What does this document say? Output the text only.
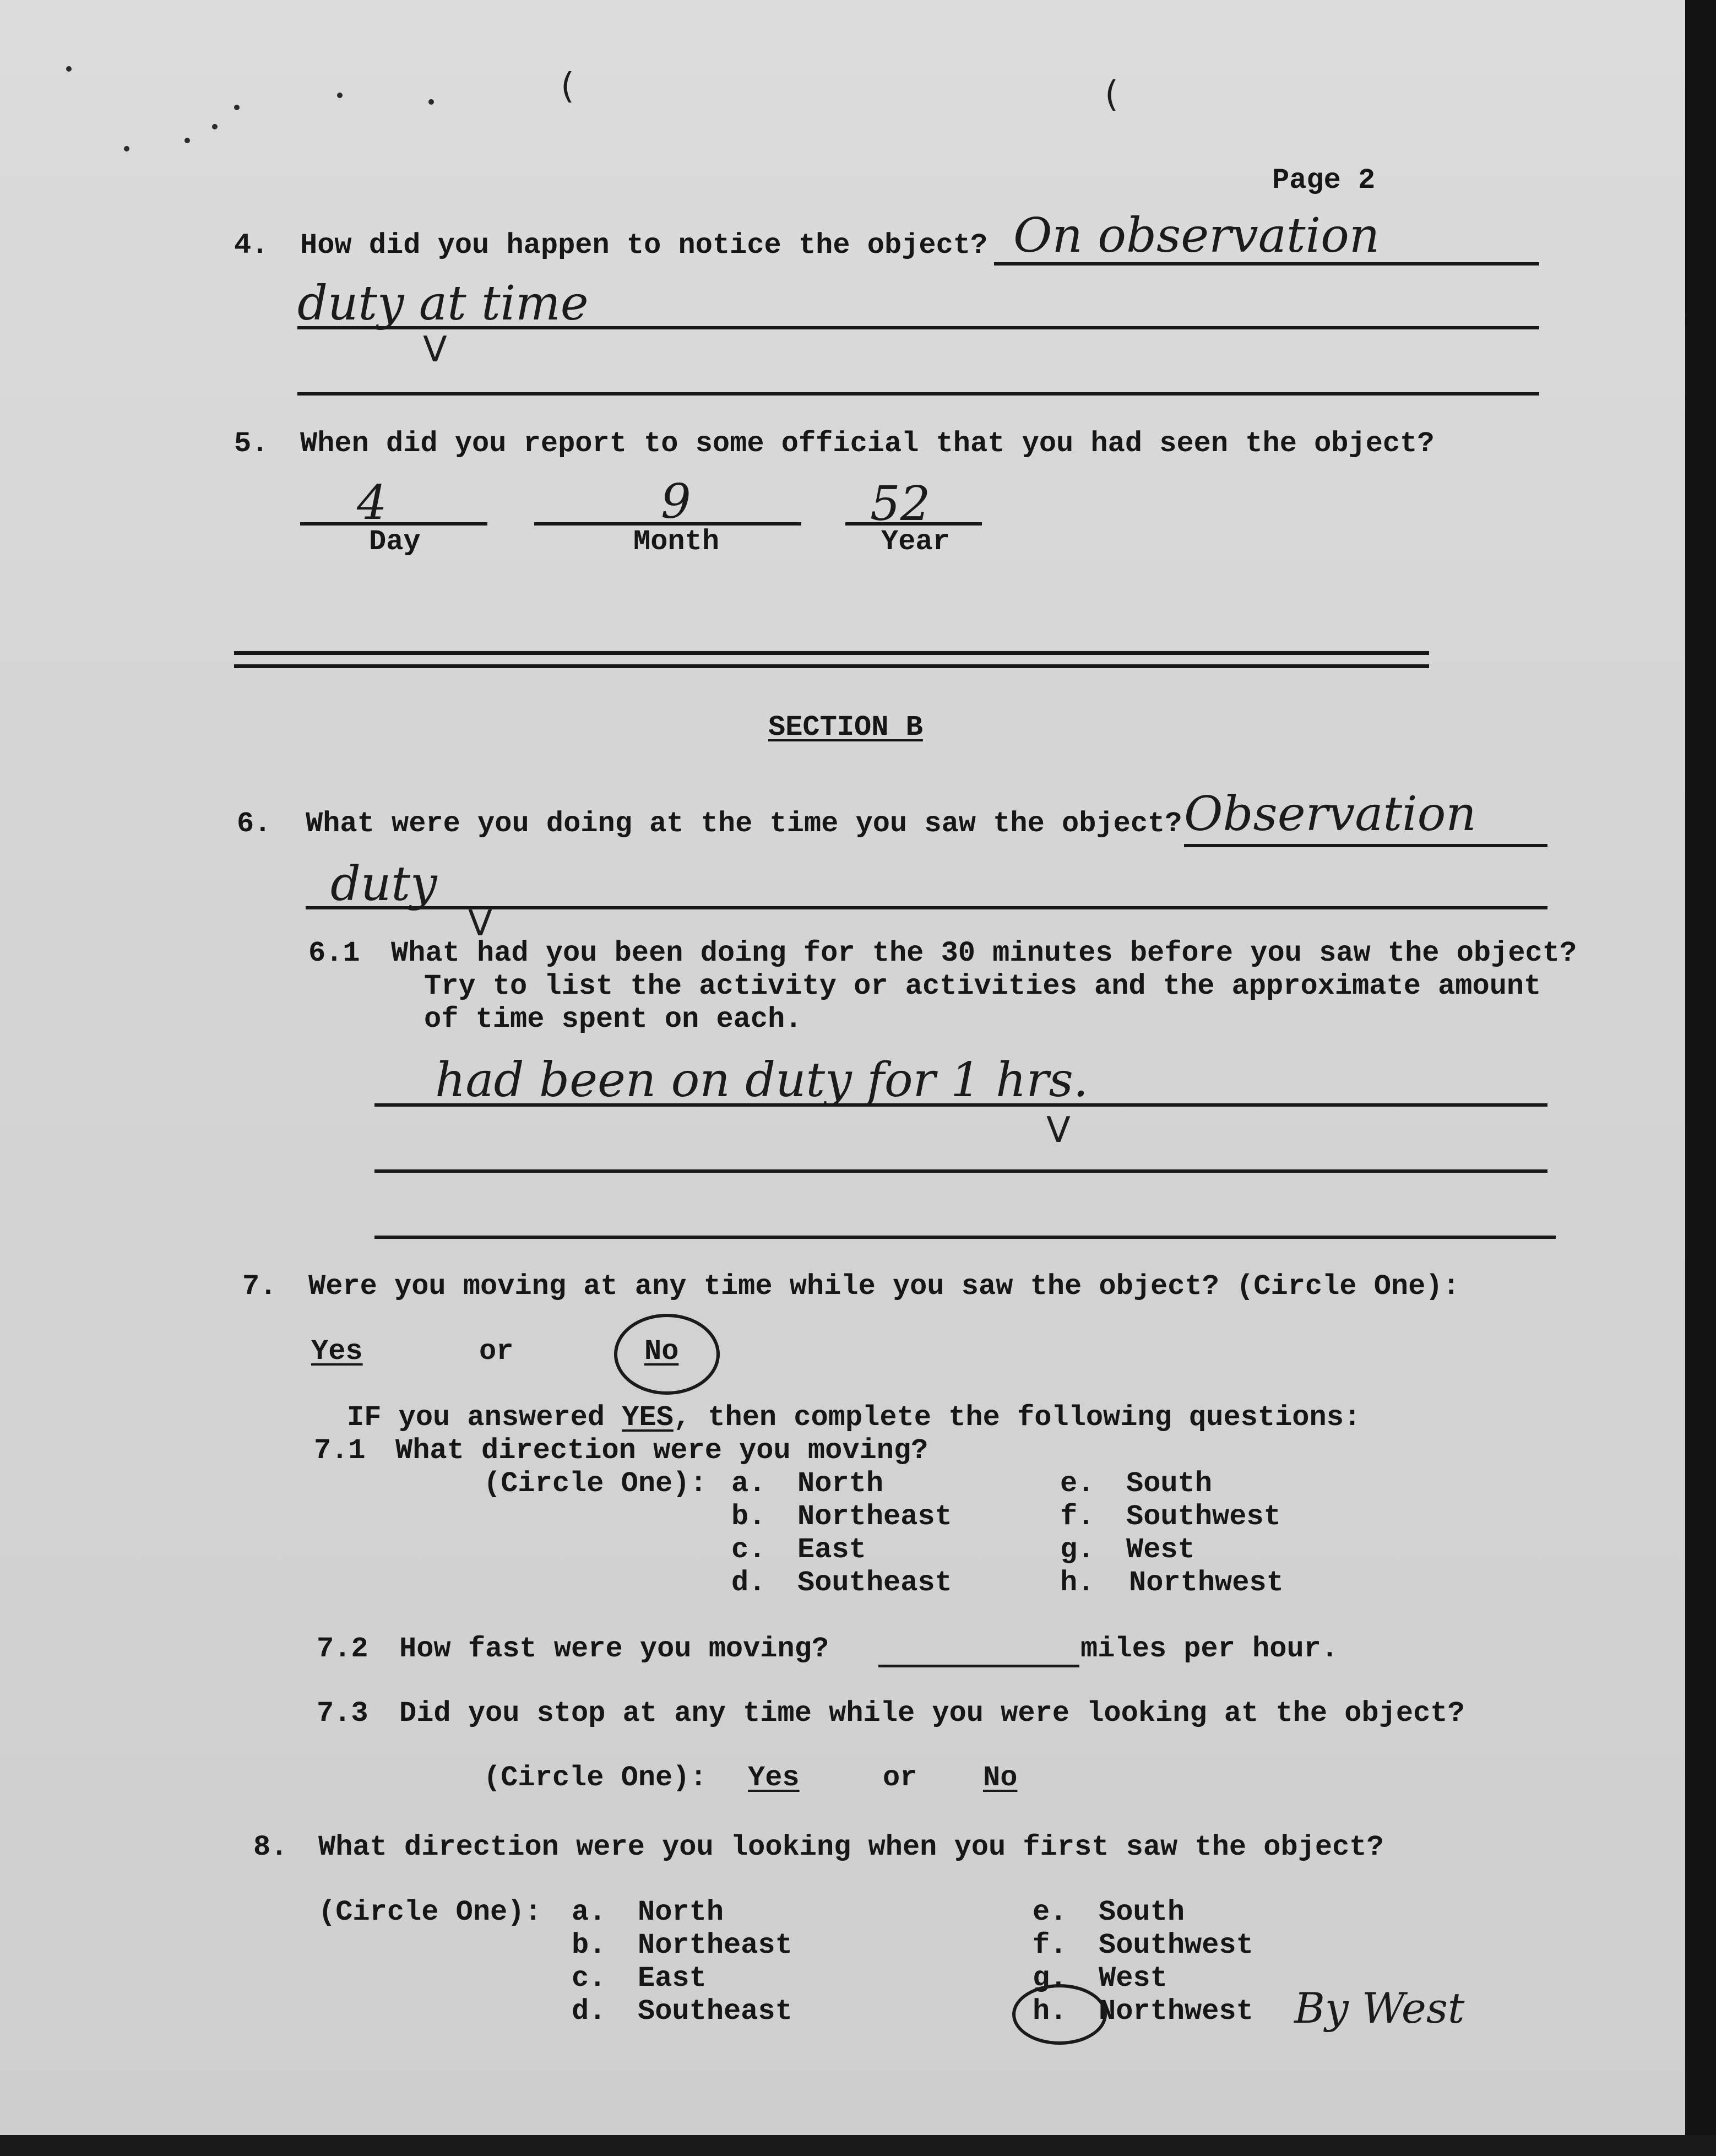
(	(
Page 2
4. How did you happen to notice the object? On observation
duty at time
V
5. When did you report to some official that you had seen the object?
4
Day
9
Month
52
Year
SECTION B
6. What were you doing at the time you saw the object? Observation
duty
V
6.1 What had you been doing for the 30 minutes before you saw the object?
Try to list the activity or activities and the approximate amount
of time spent on each.
had been on duty for 1 hrs.
V
7. Were you moving at any time while you saw the object? (Circle One):
Yes	or	No
IF you answered YES, then complete the following questions:
7.1 What direction were you moving?
(Circle One): a. North
b. Northeast
c. East
d. Southeast
e. South
f. Southwest
g. West
h. Northwest
7.2 How fast were you moving?	miles per hour.
7.3 Did you stop at any time while you were looking at the object?
(Circle One): Yes	or No
8. What direction were you looking when you first saw the object?
(Circle One): a. North
b. Northeast
c. East
d. Southeast
e. South
f. Southwest
g. West
h. Northwest By West
